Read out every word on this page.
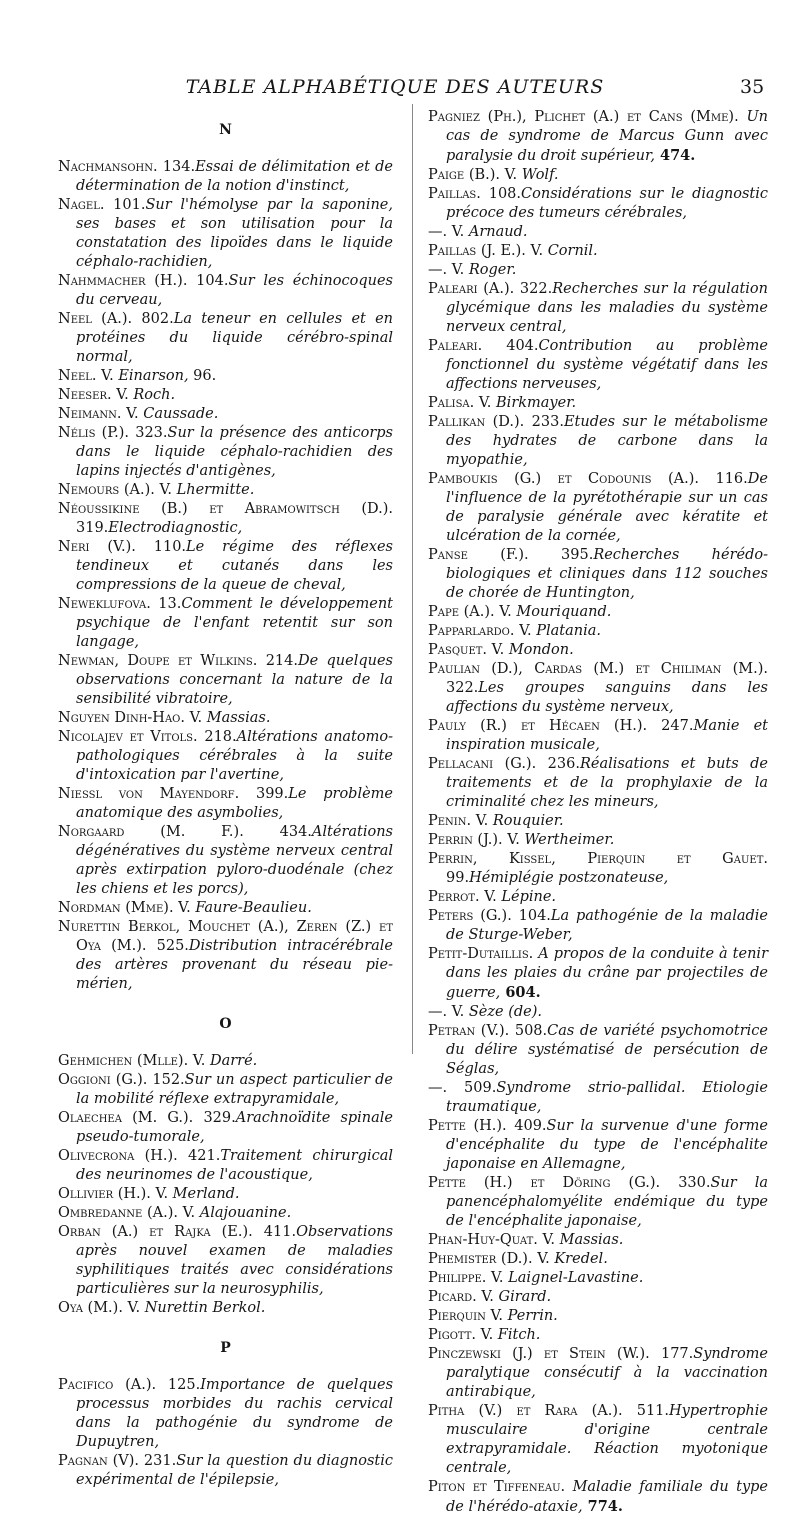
TABLE ALPHABÉTIQUE DES AUTEURS	35
N

Nachmansohn. 134.Essai de délimitation et de détermination de la notion d'instinct,

Nagel. 101.Sur l'hémolyse par la saponine, ses bases et son utilisation pour la constatation des lipoïdes dans le liquide céphalo-rachidien,

Nahmmacher (H.). 104.Sur les échinocoques du cerveau,

Neel (A.). 802.La teneur en cellules et en protéines du liquide cérébro-spinal normal,

Neel. V. Einarson, 96.

Neeser. V. Roch.

Neimann. V. Caussade.

Nélis (P.). 323.Sur la présence des anticorps dans le liquide céphalo-rachidien des lapins injectés d'antigènes,

Nemours (A.). V. Lhermitte.

Néoussikine (B.) et Abramowitsch (D.). 319.Electrodiagnostic,

Neri (V.). 110.Le régime des réflexes tendineux et cutanés dans les compressions de la queue de cheval,

Neweklufova. 13.Comment le développement psychique de l'enfant retentit sur son langage,

Newman, Doupe et Wilkins. 214.De quelques observations concernant la nature de la sensibilité vibratoire,

Nguyen Dinh-Hao. V. Massias.

Nicolajev et Vitols. 218.Altérations anatomo-pathologiques cérébrales à la suite d'intoxication par l'avertine,

Niessl von Mayendorf. 399.Le problème anatomique des asymbolies,

Norgaard (M. F.). 434.Altérations dégénératives du système nerveux central après extirpation pyloro-duodénale (chez les chiens et les porcs),

Nordman (Mme). V. Faure-Beaulieu.

Nurettin Berkol, Mouchet (A.), Zeren (Z.) et Oya (M.). 525.Distribution intracérébrale des artères provenant du réseau pie-mérien,

O

Gehmichen (Mlle). V. Darré.

Oggioni (G.). 152.Sur un aspect particulier de la mobilité réflexe extrapyramidale,

Olaechea (M. G.). 329.Arachnoïdite spinale pseudo-tumorale,

Olivecrona (H.). 421.Traitement chirurgical des neurinomes de l'acoustique,

Ollivier (H.). V. Merland.

Ombredanne (A.). V. Alajouanine.

Orban (A.) et Rajka (E.). 411.Observations après nouvel examen de maladies syphilitiques traités avec considérations particulières sur la neurosyphilis,

Oya (M.). V. Nurettin Berkol.

P

Pacifico (A.). 125.Importance de quelques processus morbides du rachis cervical dans la pathogénie du syndrome de Dupuytren,

Pagnan (V). 231.Sur la question du diagnostic expérimental de l'épilepsie,

Pagniez (Ph.), Plichet (A.) et Cans (Mme). Un cas de syndrome de Marcus Gunn avec paralysie du droit supérieur, 474.

Paige (B.). V. Wolf.

Paillas. 108.Considérations sur le diagnostic précoce des tumeurs cérébrales,

—. V. Arnaud.

Paillas (J. E.). V. Cornil.

—. V. Roger.

Paleari (A.). 322.Recherches sur la régulation glycémique dans les maladies du système nerveux central,

Paleari. 404.Contribution au problème fonctionnel du système végétatif dans les affections nerveuses,

Palisa. V. Birkmayer.

Pallikan (D.). 233.Etudes sur le métabolisme des hydrates de carbone dans la myopathie,

Pamboukis (G.) et Codounis (A.). 116.De l'influence de la pyrétothérapie sur un cas de paralysie générale avec kératite et ulcération de la cornée,

Panse (F.). 395.Recherches hérédo-biologiques et cliniques dans 112 souches de chorée de Huntington,

Pape (A.). V. Mouriquand.

Papparlardo. V. Platania.

Pasquet. V. Mondon.

Paulian (D.), Cardas (M.) et Chiliman (M.). 322.Les groupes sanguins dans les affections du système nerveux,

Pauly (R.) et Hécaen (H.). 247.Manie et inspiration musicale,

Pellacani (G.). 236.Réalisations et buts de traitements et de la prophylaxie de la criminalité chez les mineurs,

Penin. V. Rouquier.

Perrin (J.). V. Wertheimer.

Perrin, Kissel, Pierquin et Gauet. 99.Hémiplégie postzonateuse,

Perrot. V. Lépine.

Peters (G.). 104.La pathogénie de la maladie de Sturge-Weber,

Petit-Dutaillis. A propos de la conduite à tenir dans les plaies du crâne par projectiles de guerre, 604.

—. V. Sèze (de).

Petran (V.). 508.Cas de variété psychomotrice du délire systématisé de persécution de Séglas,

—. 509.Syndrome strio-pallidal. Etiologie traumatique,

Pette (H.). 409.Sur la survenue d'une forme d'encéphalite du type de l'encéphalite japonaise en Allemagne,

Pette (H.) et Döring (G.). 330.Sur la panencéphalomyélite endémique du type de l'encéphalite japonaise,

Phan-Huy-Quat. V. Massias.

Phemister (D.). V. Kredel.

Philippe. V. Laignel-Lavastine.

Picard. V. Girard.

Pierquin V. Perrin.

Pigott. V. Fitch.

Pinczewski (J.) et Stein (W.). 177.Syndrome paralytique consécutif à la vaccination antirabique,

Pitha (V.) et Rara (A.). 511.Hypertrophie musculaire d'origine centrale extrapyramidale. Réaction myotonique centrale,

Piton et Tiffeneau. Maladie familiale du type de l'hérédo-ataxie, 774.
